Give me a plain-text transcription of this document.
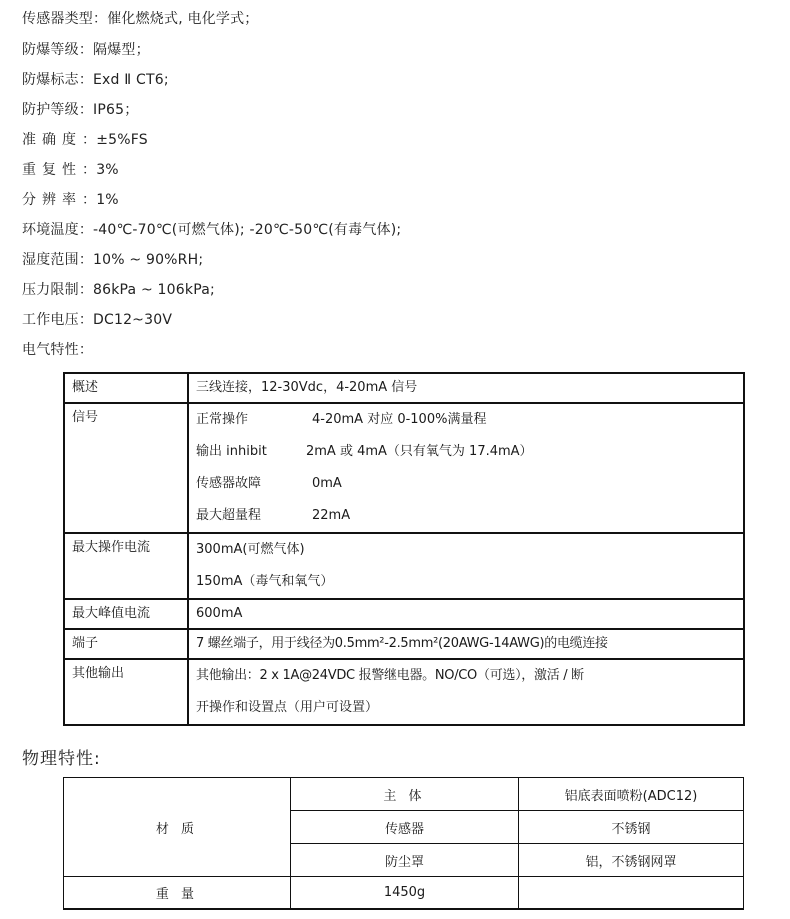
传感器类型：催化燃烧式, 电化学式；
防爆等级：隔爆型；
防爆标志：Exd Ⅱ CT6;
防护等级：IP65；
准确度：±5%FS
重复性：3%
分辨率：1%
环境温度：-40℃-70℃(可燃气体); -20℃-50℃(有毒气体);
湿度范围：10% ~ 90%RH;
压力限制：86kPa ~ 106kPa;
工作电压：DC12~30V
电气特性：
概述	三线连接，12-30Vdc，4-20mA 信号
信号	正常操作 4-20mA 对应 0-100%满量程
输出 inhibit 2mA 或 4mA（只有氧气为 17.4mA）
传感器故障 0mA
最大超量程 22mA

最大操作电流	300mA(可燃气体)
150mA（毒气和氧气）

最大峰值电流	600mA
端子	7 螺丝端子，用于线径为0.5mm²-2.5mm²(20AWG-14AWG)的电缆连接
其他输出	其他输出：2 x 1A@24VDC 报警继电器。NO/CO（可选），激活 / 断
开操作和设置点（用户可设置）
物理特性:
材 质	主 体	铝底表面喷粉(ADC12)
	传感器	不锈钢
	防尘罩	铝，不锈钢网罩
重 量	1450g	
